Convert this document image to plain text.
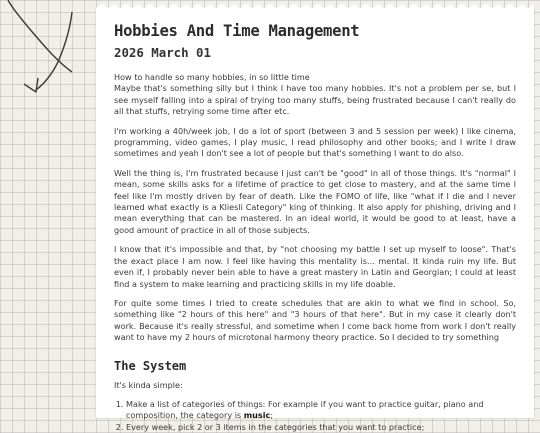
Hobbies And Time Management
2026 March 01

How to handle so many hobbies, in so little time
Maybe that's something silly but I think I have too many hobbies. It's not a problem per se, but I see myself falling into a spiral of trying too many stuffs, being frustrated because I can't really do all that stuffs, retrying some time after etc.

I'm working a 40h/week job, I do a lot of sport (between 3 and 5 session per week) I like cinema, programming, video games, I play music, I read philosophy and other books; and I write I draw sometimes and yeah I don't see a lot of people but that's something I want to do also.

Well the thing is, I'm frustrated because I just can't be "good" in all of those things. It's "normal" I mean, some skills asks for a lifetime of practice to get close to mastery, and at the same time I feel like I'm mostly driven by fear of death. Like the FOMO of life, like "what if I die and I never learned what exactly is a Kliesli Category" king of thinking. It also apply for phishing, driving and I mean everything that can be mastered. In an ideal world, it would be good to at least, have a good amount of practice in all of those subjects.

I know that it's impossible and that, by "not choosing my battle I set up myself to loose". That's the exact place I am now. I feel like having this mentality is... mental. It kinda ruin my life. But even if, I probably never bein able to have a great mastery in Latin and Georgian; I could at least find a system to make learning and practicing skills in my life doable.

For quite some times I tried to create schedules that are akin to what we find in school. So, something like "2 hours of this here" and "3 hours of that here". But in my case it clearly don't work. Because it's really stressful, and sometime when I come back home from work I don't really want to have my 2 hours of microtonal harmony theory practice. So I decided to try something

The System

It's kinda simple:

1. Make a list of categories of things: For example if you want to practice guitar, piano and composition, the category is music;
2. Every week, pick 2 or 3 items in the categories that you want to practice;
